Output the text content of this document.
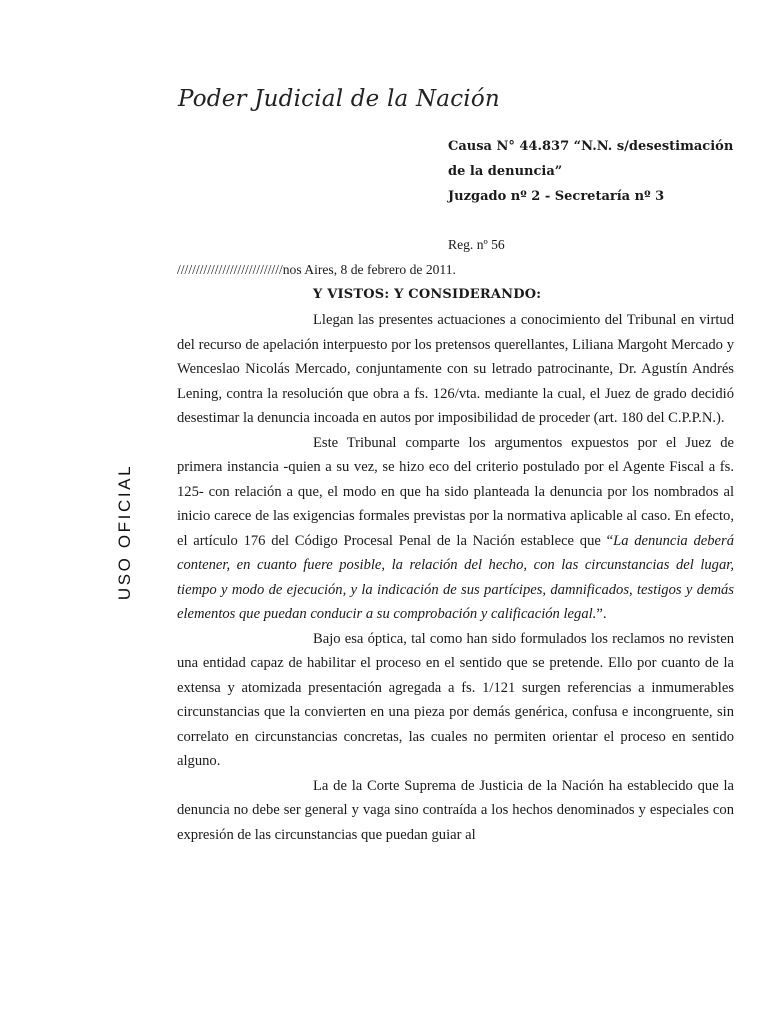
Poder Judicial de la Nación
USO OFICIAL
Causa N° 44.837 “N.N. s/desestimación
de la denuncia”
Juzgado nº 2 - Secretaría nº 3
Reg. nº 56
////////////////////////////nos Aires, 8 de febrero de 2011.
Y VISTOS: Y CONSIDERANDO:

Llegan las presentes actuaciones a conocimiento del Tribunal en virtud del recurso de apelación interpuesto por los pretensos querellantes, Liliana Margoht Mercado y Wenceslao Nicolás Mercado, conjuntamente con su letrado patrocinante, Dr. Agustín Andrés Lening, contra la resolución que obra a fs. 126/vta. mediante la cual, el Juez de grado decidió desestimar la denuncia incoada en autos por imposibilidad de proceder (art. 180 del C.P.P.N.).

Este Tribunal comparte los argumentos expuestos por el Juez de primera instancia -quien a su vez, se hizo eco del criterio postulado por el Agente Fiscal a fs. 125- con relación a que, el modo en que ha sido planteada la denuncia por los nombrados al inicio carece de las exigencias formales previstas por la normativa aplicable al caso. En efecto, el artículo 176 del Código Procesal Penal de la Nación establece que “La denuncia deberá contener, en cuanto fuere posible, la relación del hecho, con las circunstancias del lugar, tiempo y modo de ejecución, y la indicación de sus partícipes, damnificados, testigos y demás elementos que puedan conducir a su comprobación y calificación legal.”.

Bajo esa óptica, tal como han sido formulados los reclamos no revisten una entidad capaz de habilitar el proceso en el sentido que se pretende. Ello por cuanto de la extensa y atomizada presentación agregada a fs. 1/121 surgen referencias a inmumerables circunstancias que la convierten en una pieza por demás genérica, confusa e incongruente, sin correlato en circunstancias concretas, las cuales no permiten orientar el proceso en sentido alguno.

La de la Corte Suprema de Justicia de la Nación ha establecido que la denuncia no debe ser general y vaga sino contraída a los hechos denominados y especiales con expresión de las circunstancias que puedan guiar al
